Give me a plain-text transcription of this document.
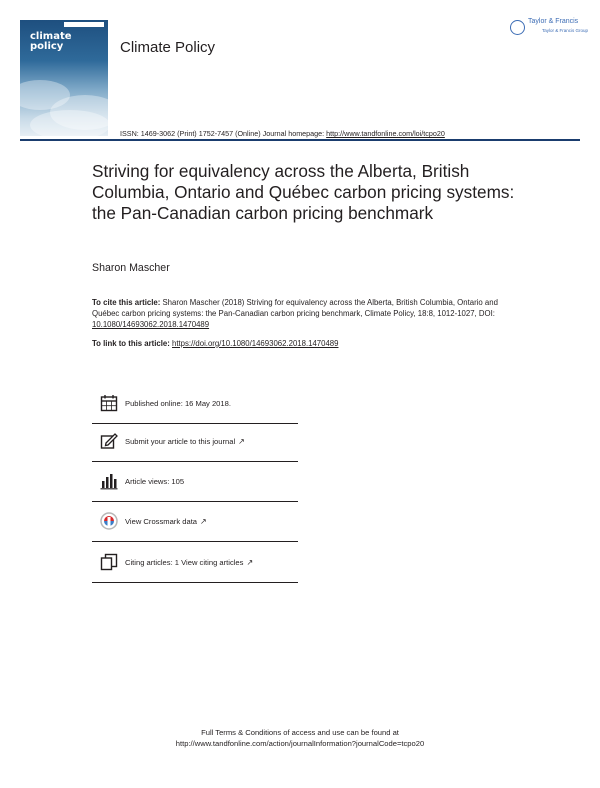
climate
policy	Climate Policy
Taylor & Francis
Taylor & Francis Group
ISSN: 1469-3062 (Print) 1752-7457 (Online) Journal homepage: http://www.tandfonline.com/loi/tcpo20
Striving for equivalency across the Alberta, British Columbia, Ontario and Québec carbon pricing systems: the Pan-Canadian carbon pricing benchmark
Sharon Mascher
To cite this article: Sharon Mascher (2018) Striving for equivalency across the Alberta, British Columbia, Ontario and Québec carbon pricing systems: the Pan-Canadian carbon pricing benchmark, Climate Policy, 18:8, 1012-1027, DOI: 10.1080/14693062.2018.1470489
To link to this article: https://doi.org/10.1080/14693062.2018.1470489
Published online: 16 May 2018.
Submit your article to this journal ↗
Article views: 105
View Crossmark data ↗
Citing articles: 1 View citing articles ↗
Full Terms & Conditions of access and use can be found at
http://www.tandfonline.com/action/journalInformation?journalCode=tcpo20
